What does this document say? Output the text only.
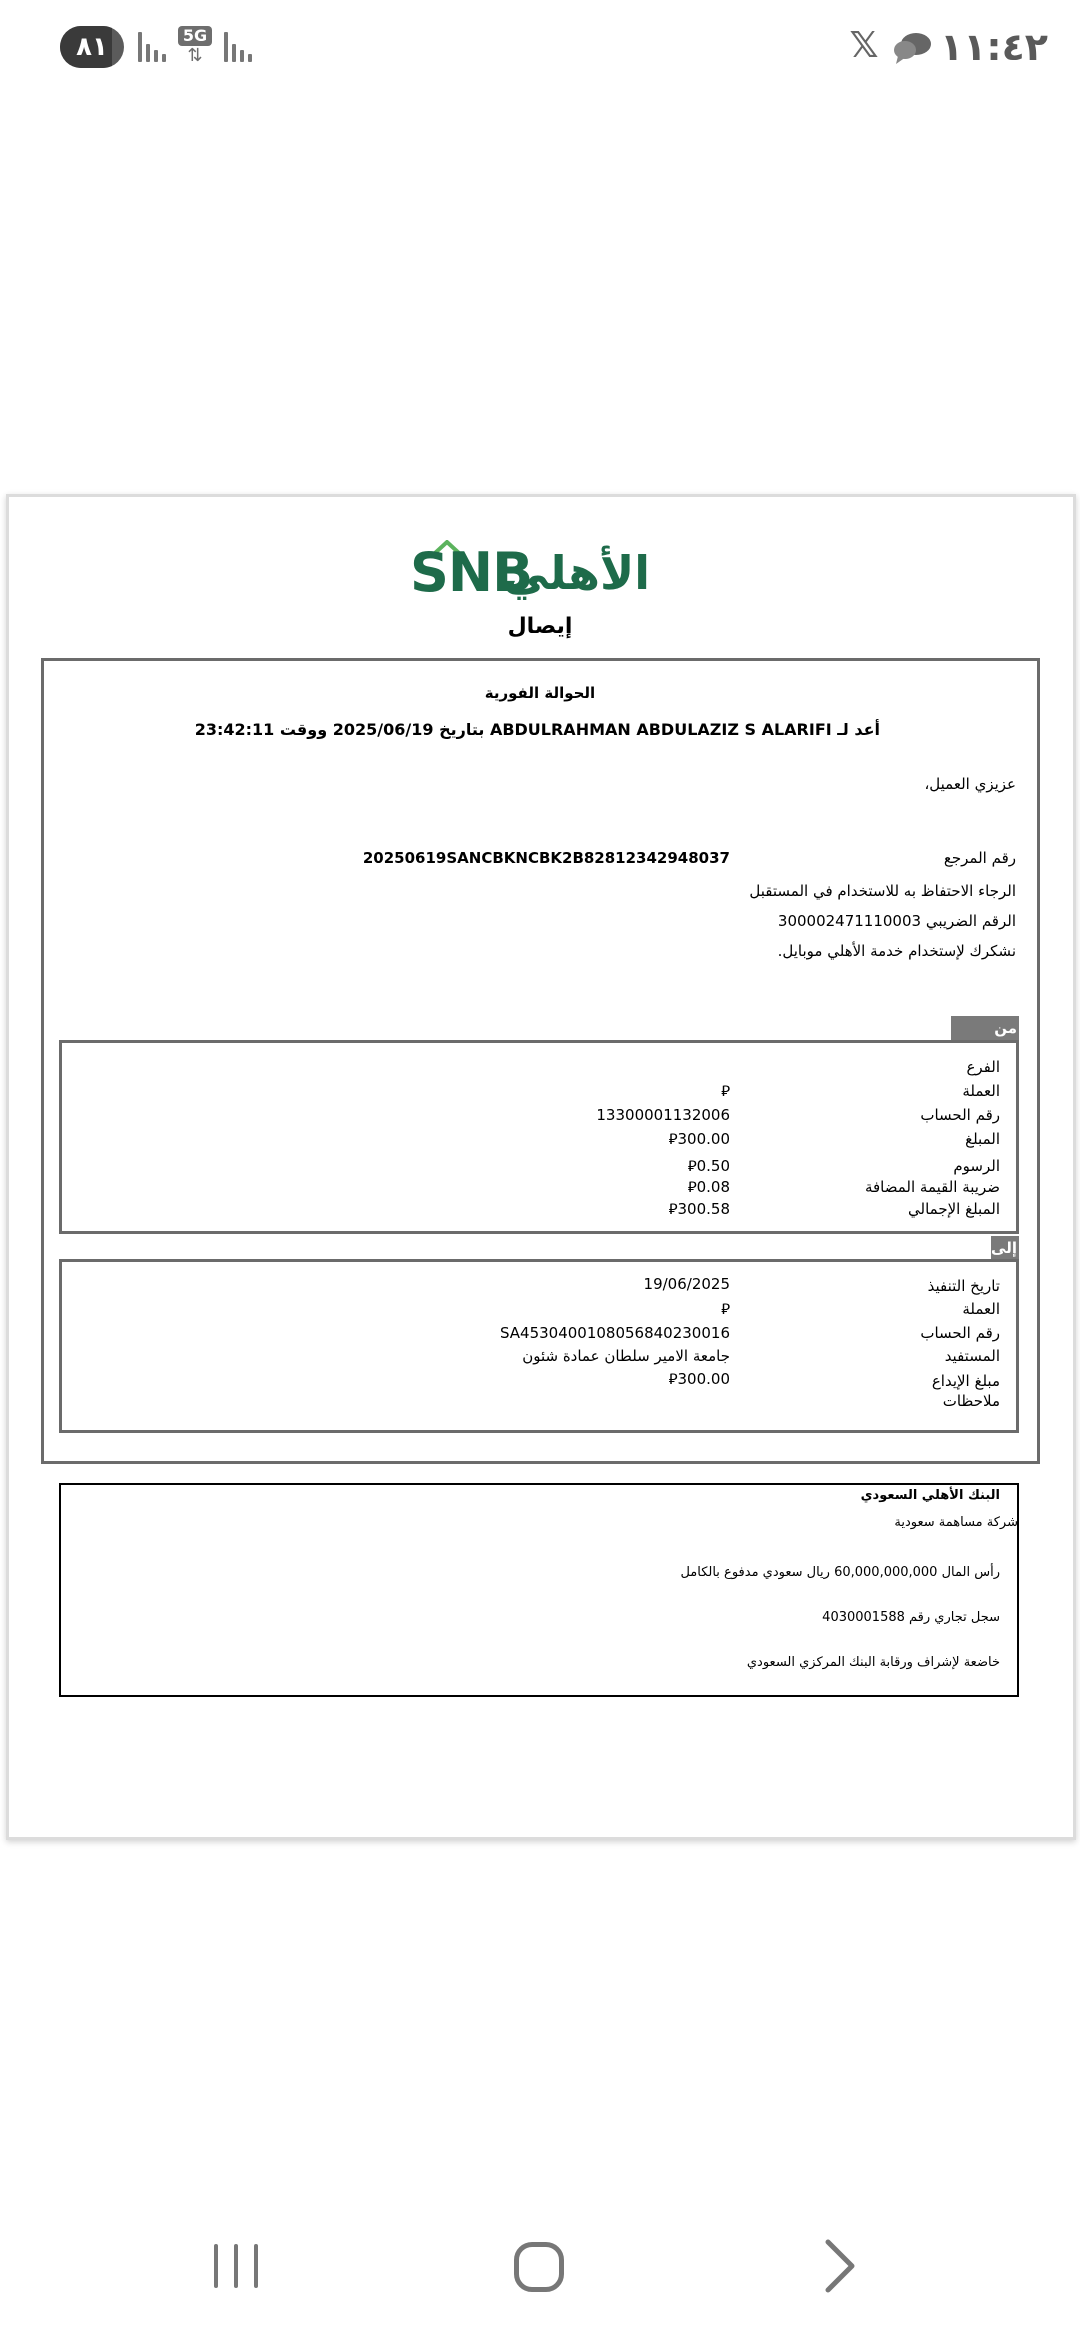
٨١	5G
⇅	𝕏 ١١:٤٢
SNB
الأهلي
إيصال
الحوالة الفورية
أعد لـ ABDULRAHMAN ABDULAZIZ S ALARIFI بتاريخ 2025/06/19 ووقت 23:42:11
عزيزي العميل،
رقم المرجع
20250619SANCBKNCBK2B82812342948037
الرجاء الاحتفاظ به للاستخدام في المستقبل
الرقم الضريبي 300002471110003
نشكرك لإستخدام خدمة الأهلي موبايل.
من
الفرع
العملة
⃁
رقم الحساب
13300001132006
المبلغ
⃁300.00
الرسوم
⃁0.50
ضريبة القيمة المضافة
⃁0.08
المبلغ الإجمالي
⃁300.58
إلى
تاريخ التنفيذ
19/06/2025
العملة
⃁
رقم الحساب
SA4530400108056840230016
المستفيد
جامعة الامير سلطان عمادة شئون
مبلغ الإيداع
⃁300.00
ملاحظات
البنك الأهلي السعودي
شركة مساهمة سعودية
رأس المال 60,000,000,000 ريال سعودي مدفوع بالكامل
سجل تجاري رقم 4030001588
خاضعة لإشراف ورقابة البنك المركزي السعودي
